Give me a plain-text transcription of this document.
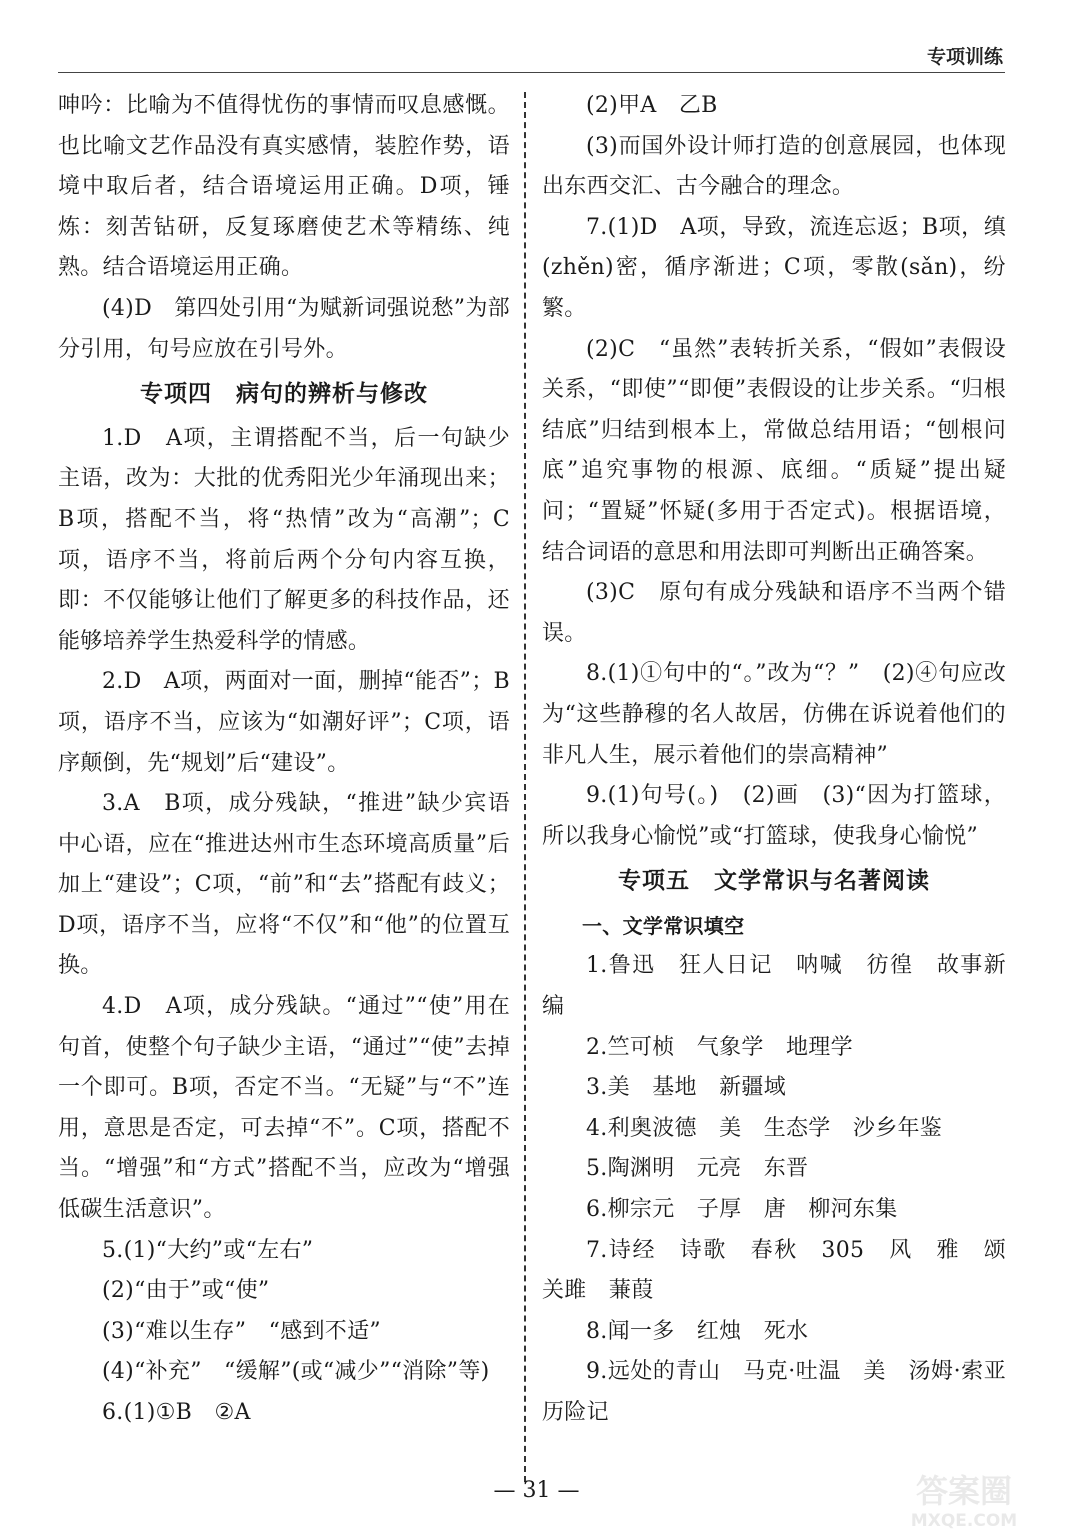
专项训练

呻吟：比喻为不值得忧伤的事情而叹息感慨。也比喻文艺作品没有真实感情，装腔作势，语境中取后者，结合语境运用正确。D项，锤炼：刻苦钻研，反复琢磨使艺术等精练、纯熟。结合语境运用正确。

(4)D　第四处引用“为赋新词强说愁”为部分引用，句号应放在引号外。

专项四　病句的辨析与修改

1.D　A项，主谓搭配不当，后一句缺少主语，改为：大批的优秀阳光少年涌现出来；B项，搭配不当，将“热情”改为“高潮”；C项，语序不当，将前后两个分句内容互换，即：不仅能够让他们了解更多的科技作品，还能够培养学生热爱科学的情感。

2.D　A项，两面对一面，删掉“能否”；B项，语序不当，应该为“如潮好评”；C项，语序颠倒，先“规划”后“建设”。

3.A　B项，成分残缺，“推进”缺少宾语中心语，应在“推进达州市生态环境高质量”后加上“建设”；C项，“前”和“去”搭配有歧义；D项，语序不当，应将“不仅”和“他”的位置互换。

4.D　A项，成分残缺。“通过”“使”用在句首，使整个句子缺少主语，“通过”“使”去掉一个即可。B项，否定不当。“无疑”与“不”连用，意思是否定，可去掉“不”。C项，搭配不当。“增强”和“方式”搭配不当，应改为“增强低碳生活意识”。

5.(1)“大约”或“左右”

(2)“由于”或“使”

(3)“难以生存”　“感到不适”

(4)“补充”　“缓解”(或“减少”“消除”等)

6.(1)①B　②A

(2)甲A　乙B

(3)而国外设计师打造的创意展园，也体现出东西交汇、古今融合的理念。

7.(1)D　A项，导致，流连忘返；B项，缜(zhěn)密，循序渐进；C项，零散(sǎn)，纷繁。

(2)C　“虽然”表转折关系，“假如”表假设关系，“即使”“即便”表假设的让步关系。“归根结底”归结到根本上，常做总结用语；“刨根问底”追究事物的根源、底细。“质疑”提出疑问；“置疑”怀疑(多用于否定式)。根据语境，结合词语的意思和用法即可判断出正确答案。

(3)C　原句有成分残缺和语序不当两个错误。

8.(1)①句中的“。”改为“？”　(2)④句应改为“这些静穆的名人故居，仿佛在诉说着他们的非凡人生，展示着他们的崇高精神”

9.(1)句号(。)　(2)画　(3)“因为打篮球，所以我身心愉悦”或“打篮球，使我身心愉悦”

专项五　文学常识与名著阅读
一、文学常识填空

1.鲁迅　狂人日记　呐喊　彷徨　故事新编

2.竺可桢　气象学　地理学

3.美　基地　新疆域

4.利奥波德　美　生态学　沙乡年鉴

5.陶渊明　元亮　东晋

6.柳宗元　子厚　唐　柳河东集

7.诗经　诗歌　春秋　305　风　雅　颂　关雎　蒹葭

8.闻一多　红烛　死水

9.远处的青山　马克·吐温　美　汤姆·索亚历险记

— 31 —	答案圈
MXQE.COM
